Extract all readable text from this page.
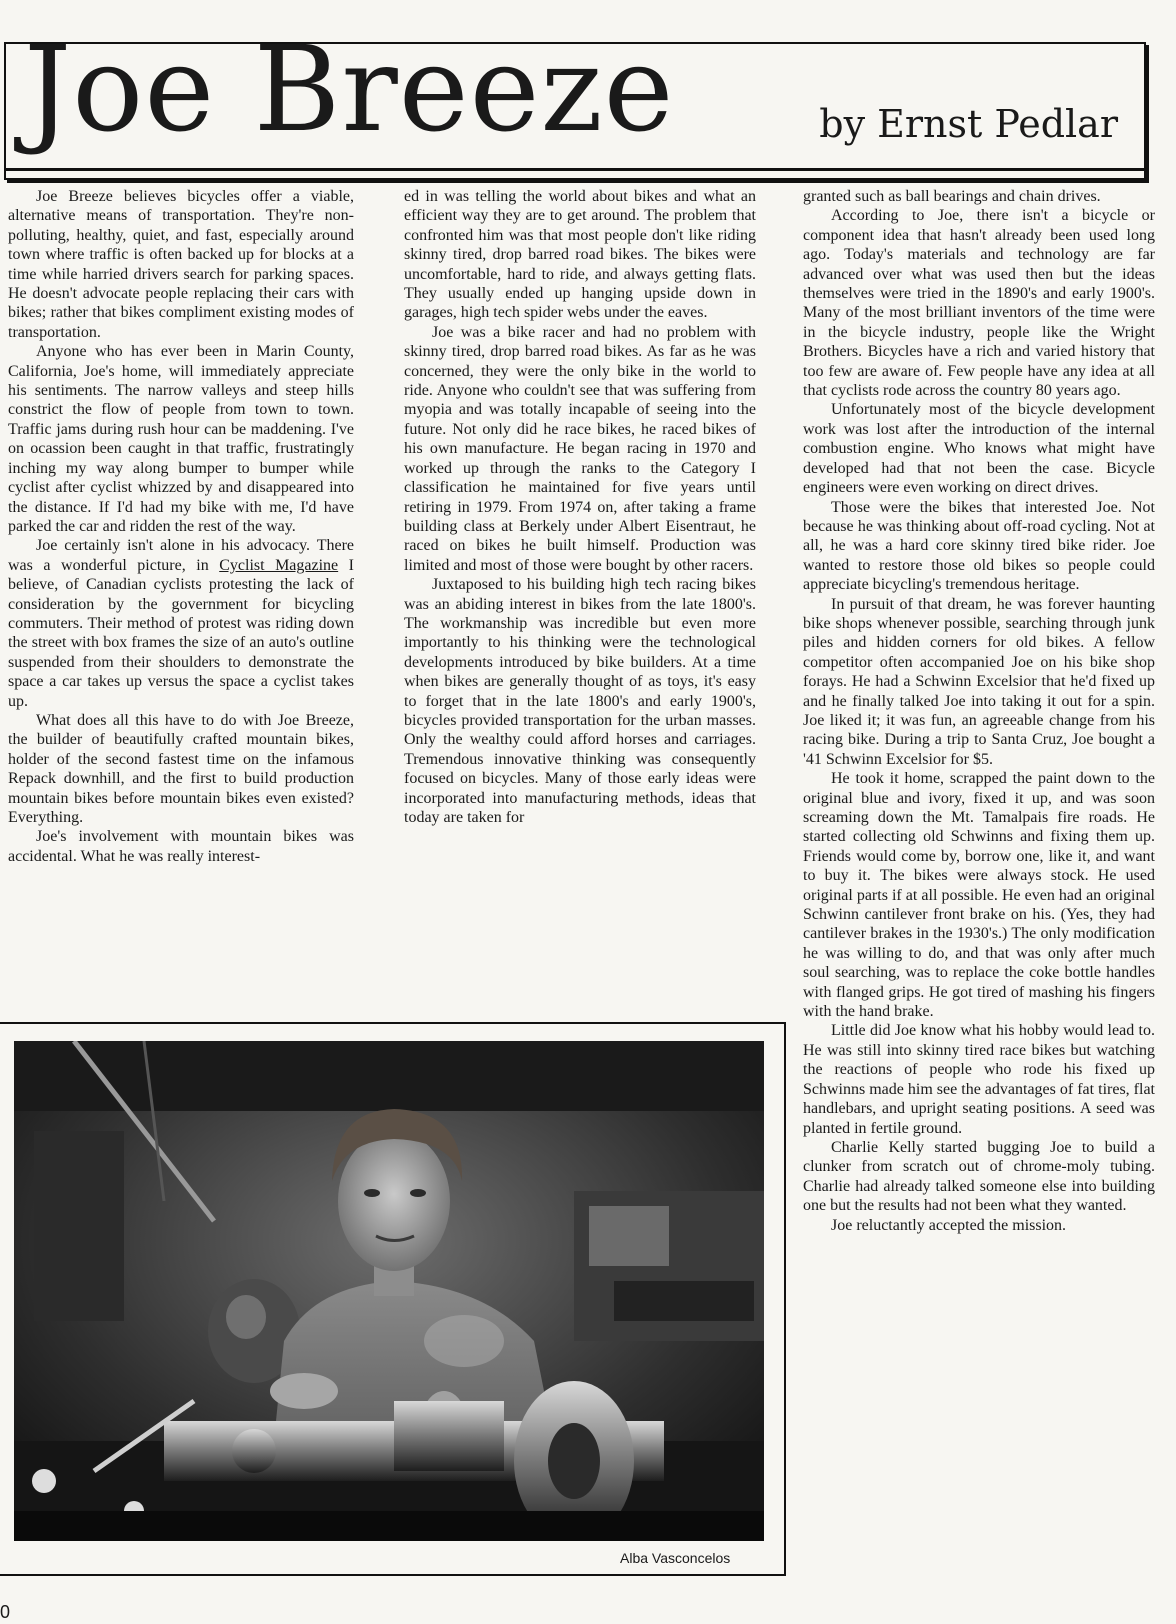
Joe Breeze	by Ernst Pedlar

Joe Breeze believes bicycles offer a viable, alternative means of transportation. They're non-polluting, healthy, quiet, and fast, especially around town where traffic is often backed up for blocks at a time while harried drivers search for parking spaces. He doesn't advocate people replacing their cars with bikes; rather that bikes compliment existing modes of transportation.

Anyone who has ever been in Marin County, California, Joe's home, will immediately appreciate his sentiments. The narrow valleys and steep hills constrict the flow of people from town to town. Traffic jams during rush hour can be maddening. I've on ocassion been caught in that traffic, frustratingly inching my way along bumper to bumper while cyclist after cyclist whizzed by and disappeared into the distance. If I'd had my bike with me, I'd have parked the car and ridden the rest of the way.

Joe certainly isn't alone in his advocacy. There was a wonderful picture, in Cyclist Magazine I believe, of Canadian cyclists protesting the lack of consideration by the government for bicycling commuters. Their method of protest was riding down the street with box frames the size of an auto's outline suspended from their shoulders to demonstrate the space a car takes up versus the space a cyclist takes up.

What does all this have to do with Joe Breeze, the builder of beautifully crafted mountain bikes, holder of the second fastest time on the infamous Repack downhill, and the first to build production mountain bikes before mountain bikes even existed? Everything.

Joe's involvement with mountain bikes was accidental. What he was really interest-

ed in was telling the world about bikes and what an efficient way they are to get around. The problem that confronted him was that most people don't like riding skinny tired, drop barred road bikes. The bikes were uncomfortable, hard to ride, and always getting flats. They usually ended up hanging upside down in garages, high tech spider webs under the eaves.

Joe was a bike racer and had no problem with skinny tired, drop barred road bikes. As far as he was concerned, they were the only bike in the world to ride. Anyone who couldn't see that was suffering from myopia and was totally incapable of seeing into the future. Not only did he race bikes, he raced bikes of his own manufacture. He began racing in 1970 and worked up through the ranks to the Category I classification he maintained for five years until retiring in 1979. From 1974 on, after taking a frame building class at Berkely under Albert Eisentraut, he raced on bikes he built himself. Production was limited and most of those were bought by other racers.

Juxtaposed to his building high tech racing bikes was an abiding interest in bikes from the late 1800's. The workmanship was incredible but even more importantly to his thinking were the technological developments introduced by bike builders. At a time when bikes are generally thought of as toys, it's easy to forget that in the late 1800's and early 1900's, bicycles provided transportation for the urban masses. Only the wealthy could afford horses and carriages. Tremendous innovative thinking was consequently focused on bicycles. Many of those early ideas were incorporated into manufacturing methods, ideas that today are taken for

granted such as ball bearings and chain drives.

According to Joe, there isn't a bicycle or component idea that hasn't already been used long ago. Today's materials and technology are far advanced over what was used then but the ideas themselves were tried in the 1890's and early 1900's. Many of the most brilliant inventors of the time were in the bicycle industry, people like the Wright Brothers. Bicycles have a rich and varied history that too few are aware of. Few people have any idea at all that cyclists rode across the country 80 years ago.

Unfortunately most of the bicycle development work was lost after the introduction of the internal combustion engine. Who knows what might have developed had that not been the case. Bicycle engineers were even working on direct drives.

Those were the bikes that interested Joe. Not because he was thinking about off-road cycling. Not at all, he was a hard core skinny tired bike rider. Joe wanted to restore those old bikes so people could appreciate bicycling's tremendous heritage.

In pursuit of that dream, he was forever haunting bike shops whenever possible, searching through junk piles and hidden corners for old bikes. A fellow competitor often accompanied Joe on his bike shop forays. He had a Schwinn Excelsior that he'd fixed up and he finally talked Joe into taking it out for a spin. Joe liked it; it was fun, an agreeable change from his racing bike. During a trip to Santa Cruz, Joe bought a '41 Schwinn Excelsior for $5.

He took it home, scrapped the paint down to the original blue and ivory, fixed it up, and was soon screaming down the Mt. Tamalpais fire roads. He started collecting old Schwinns and fixing them up. Friends would come by, borrow one, like it, and want to buy it. The bikes were always stock. He used original parts if at all possible. He even had an original Schwinn cantilever front brake on his. (Yes, they had cantilever brakes in the 1930's.) The only modification he was willing to do, and that was only after much soul searching, was to replace the coke bottle handles with flanged grips. He got tired of mashing his fingers with the hand brake.

Little did Joe know what his hobby would lead to. He was still into skinny tired race bikes but watching the reactions of people who rode his fixed up Schwinns made him see the advantages of fat tires, flat handlebars, and upright seating positions. A seed was planted in fertile ground.

Charlie Kelly started bugging Joe to build a clunker from scratch out of chrome-moly tubing. Charlie had already talked someone else into building one but the results had not been what they wanted.

Joe reluctantly accepted the mission.

Alba Vasconcelos
0
